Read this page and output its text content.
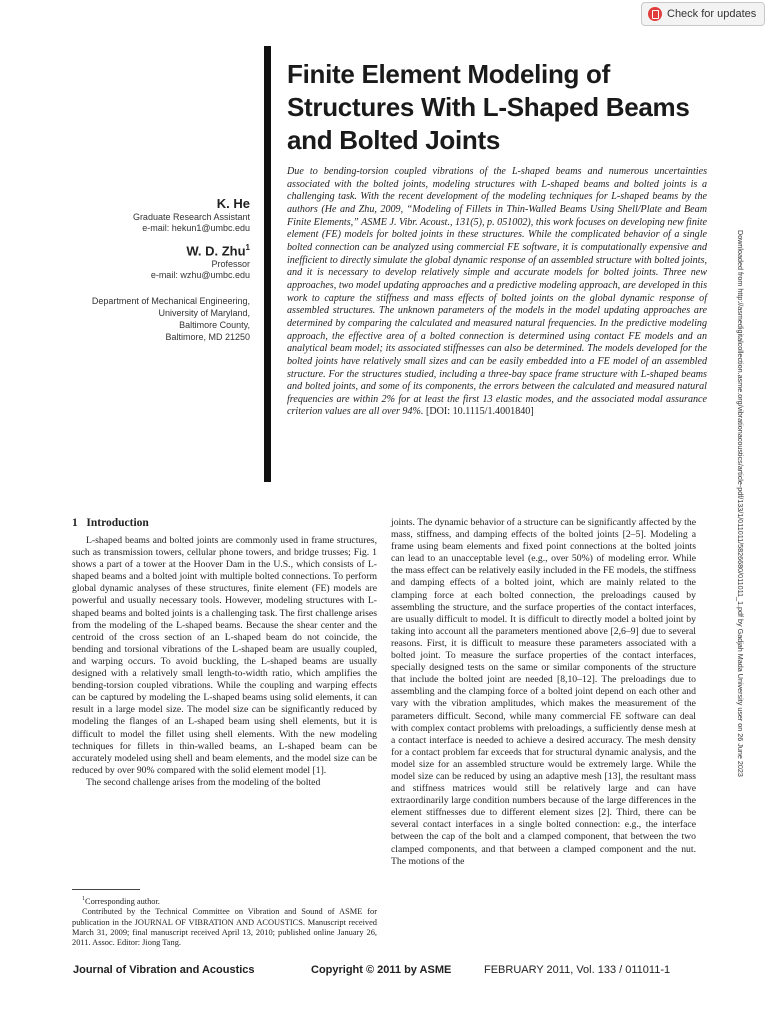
Check for updates
Finite Element Modeling of Structures With L-Shaped Beams and Bolted Joints
K. He
Graduate Research Assistant
e-mail: hekun1@umbc.edu
W. D. Zhu$^1$
Professor
e-mail: wzhu@umbc.edu
Department of Mechanical Engineering,
University of Maryland,
Baltimore County,
Baltimore, MD 21250
Due to bending-torsion coupled vibrations of the L-shaped beams and numerous uncertainties associated with the bolted joints, modeling structures with L-shaped beams and bolted joints is a challenging task. With the recent development of the modeling techniques for L-shaped beams by the authors (He and Zhu, 2009, “Modeling of Fillets in Thin-Walled Beams Using Shell/Plate and Beam Finite Elements,” ASME J. Vibr. Acoust., 131(5), p. 051002), this work focuses on developing new finite element (FE) models for bolted joints in these structures. While the complicated behavior of a single bolted connection can be analyzed using commercial FE software, it is computationally expensive and inefficient to directly simulate the global dynamic response of an assembled structure with bolted joints, and it is necessary to develop relatively simple and accurate models for bolted joints. Three new approaches, two model updating approaches and a predictive modeling approach, are developed in this work to capture the stiffness and mass effects of bolted joints on the global dynamic response of assembled structures. The unknown parameters of the models in the model updating approaches are determined by comparing the calculated and measured natural frequencies. In the predictive modeling approach, the effective area of a bolted connection is determined using contact FE models and an analytical beam model; its associated stiffnesses can also be determined. The models developed for the bolted joints have relatively small sizes and can be easily embedded into a FE model of an assembled structure. For the structures studied, including a three-bay space frame structure with L-shaped beams and bolted joints, and some of its components, the errors between the calculated and measured natural frequencies are within 2% for at least the first 13 elastic modes, and the associated modal assurance criterion values are all over 94%. [DOI: 10.1115/1.4001840]	Downloaded from http://asmedigitalcollection.asme.org/vibrationacoustics/article-pdf/133/1/011011/5826680/011011_1.pdf by Gadjah Mada University user on 26 June 2023
1 Introduction

L-shaped beams and bolted joints are commonly used in frame structures, such as transmission towers, cellular phone towers, and bridge trusses; Fig. 1 shows a part of a tower at the Hoover Dam in the U.S., which consists of L-shaped beams and a bolted joint with multiple bolted connections. To perform global dynamic analyses of these structures, finite element (FE) models are powerful and usually necessary tools. However, modeling structures with L-shaped beams and bolted joints is a challenging task. The first challenge arises from the modeling of the L-shaped beams. Because the shear center and the centroid of the cross section of an L-shaped beam do not coincide, the bending and torsional vibrations of the L-shaped beam are usually coupled, and warping occurs. To avoid buckling, the L-shaped beams are usually designed with a relatively small length-to-width ratio, which amplifies the bending-torsion coupled vibrations. While the coupling and warping effects can be captured by modeling the L-shaped beams using solid elements, it can result in a large model size. The model size can be significantly reduced by modeling the flanges of an L-shaped beam using shell elements, but it is difficult to model the fillet using shell elements. With the new modeling techniques for fillets in thin-walled beams, an L-shaped beam can be accurately modeled using shell and beam elements, and the model size can be reduced by over 90% compared with the solid element model [1].

The second challenge arises from the modeling of the bolted

joints. The dynamic behavior of a structure can be significantly affected by the mass, stiffness, and damping effects of the bolted joints [2–5]. Modeling a frame using beam elements and fixed point connections at the bolted joints can lead to an unacceptable level (e.g., over 50%) of modeling error. While the mass effect can be relatively easily included in the FE models, the stiffness and damping effects of a bolted joint, which are mainly related to the clamping force at each bolted connection, the preloadings caused by assembling the structure, and the surface properties of the contact interfaces, are usually difficult to model. It is difficult to directly model a bolted joint by taking into account all the parameters mentioned above [2,6–9] due to several reasons. First, it is difficult to measure these parameters associated with a bolted joint. To measure the surface properties of the contact interfaces, specially designed tests on the same or similar components of the structure that include the bolted joint are needed [8,10–12]. The preloadings due to assembling and the clamping force of a bolted joint depend on each other and vary with the vibration amplitudes, which makes the measurement of the parameters difficult. Second, while many commercial FE software can deal with complex contact problems with preloadings, a sufficiently dense mesh at a contact interface is needed to achieve a desired accuracy. The mesh density for a contact problem far exceeds that for structural dynamic analysis, and the model size for an assembled structure would be extremely large. While the model size can be reduced by using an adaptive mesh [13], the resultant mass and stiffness matrices would still be relatively large and can have extraordinarily large condition numbers because of the large differences in the element stiffnesses due to different element sizes [2]. Third, there can be several contact interfaces in a single bolted connection: e.g., the interface between the cap of the bolt and a clamped component, that between the two clamped components, and that between a clamped component and the nut. The motions of the

$^1$Corresponding author.

Contributed by the Technical Committee on Vibration and Sound of ASME for publication in the JOURNAL OF VIBRATION AND ACOUSTICS. Manuscript received March 31, 2009; final manuscript received April 13, 2010; published online January 26, 2011. Assoc. Editor: Jiong Tang.

Journal of Vibration and Acoustics	Copyright © 2011 by ASME	FEBRUARY 2011, Vol. 133 / 011011-1
